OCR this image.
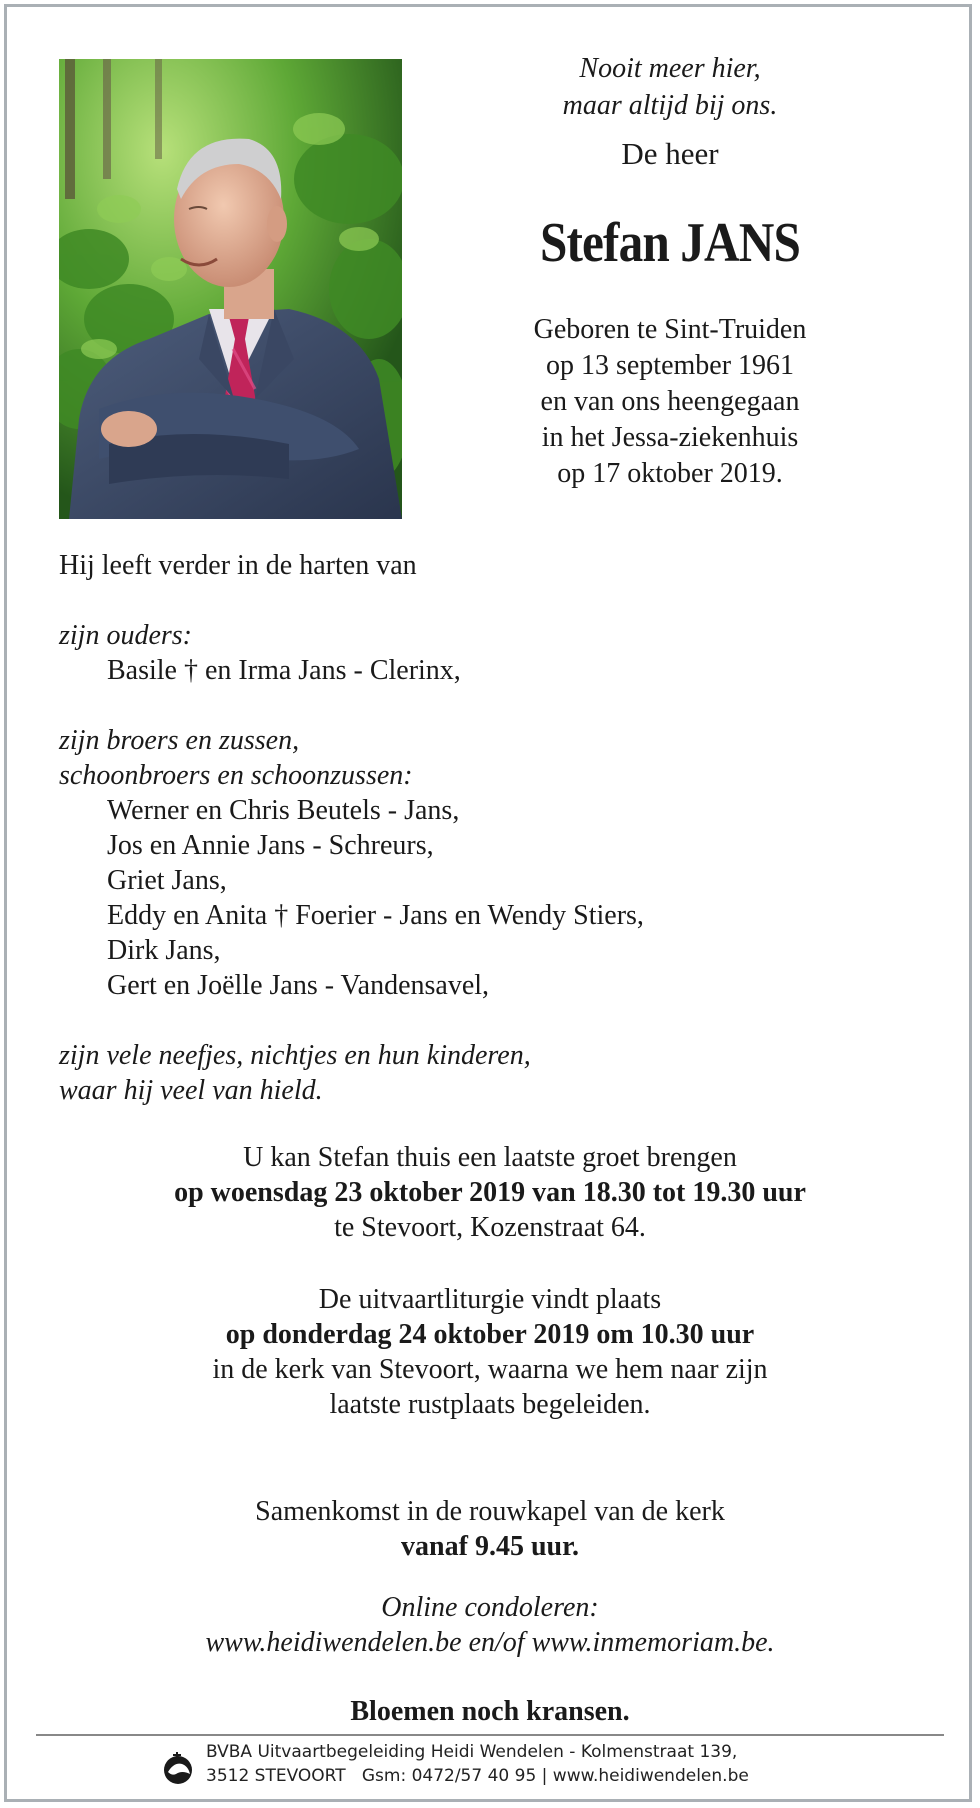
Nooit meer hier,
maar altijd bij ons.
De heer
Stefan JANS
Geboren te Sint-Truiden
op 13 september 1961
en van ons heengegaan
in het Jessa-ziekenhuis
op 17 oktober 2019.
Hij leeft verder in de harten van
zijn ouders:
Basile † en Irma Jans - Clerinx,
zijn broers en zussen,
schoonbroers en schoonzussen:
Werner en Chris Beutels - Jans,
Jos en Annie Jans - Schreurs,
Griet Jans,
Eddy en Anita † Foerier - Jans en Wendy Stiers,
Dirk Jans,
Gert en Joëlle Jans - Vandensavel,
zijn vele neefjes, nichtjes en hun kinderen,
waar hij veel van hield.
U kan Stefan thuis een laatste groet brengen
op woensdag 23 oktober 2019 van 18.30 tot 19.30 uur
te Stevoort, Kozenstraat 64.
De uitvaartliturgie vindt plaats
op donderdag 24 oktober 2019 om 10.30 uur
in de kerk van Stevoort, waarna we hem naar zijn
laatste rustplaats begeleiden.
Samenkomst in de rouwkapel van de kerk
vanaf 9.45 uur.
Online condoleren:
www.heidiwendelen.be en/of www.inmemoriam.be.
Bloemen noch kransen.
BVBA Uitvaartbegeleiding Heidi Wendelen - Kolmenstraat 139,
3512 STEVOORT   Gsm: 0472/57 40 95 | www.heidiwendelen.be
